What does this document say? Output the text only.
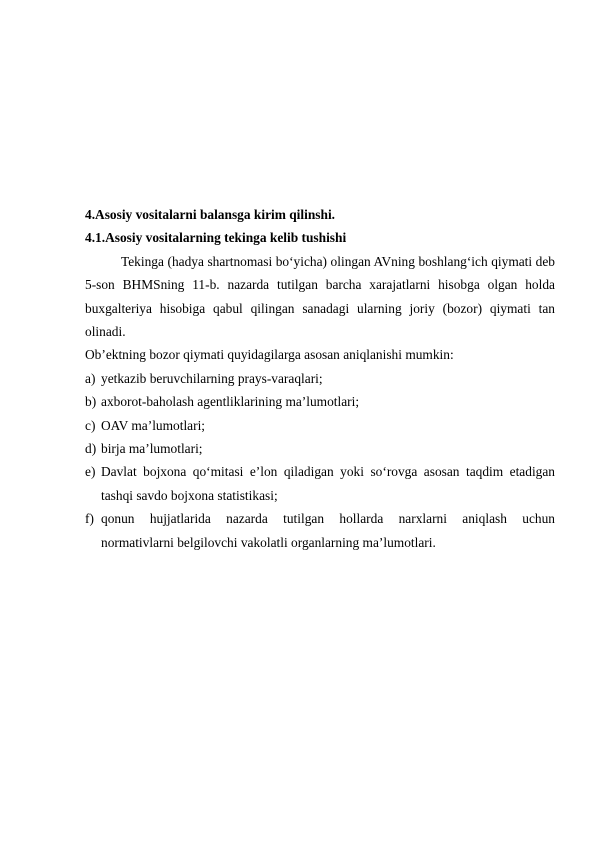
4.Asosiy vositalarni balansga kirim qilinshi.

4.1.Asosiy vositalarning tekinga kelib tushishi

Tekinga (hadya shartnomasi bo‘yicha) olingan AVning boshlang‘ich qiymati deb 5-son BHMSning 11-b. nazarda tutilgan barcha xarajatlarni hisobga olgan holda buxgalteriya hisobiga qabul qilingan sanadagi ularning joriy (bozor) qiymati tan olinadi.

Ob’ektning bozor qiymati quyidagilarga asosan aniqlanishi mumkin:

a) yetkazib beruvchilarning prays-varaqlari;
b) axborot-baholash agentliklarining ma’lumotlari;
c) OAV ma’lumotlari;
d) birja ma’lumotlari;
e) Davlat bojxona qo‘mitasi e’lon qiladigan yoki so‘rovga asosan taqdim etadigan tashqi savdo bojxona statistikasi;
f) qonun hujjatlarida nazarda tutilgan hollarda narxlarni aniqlash uchun
normativlarni belgilovchi vakolatli organlarning ma’lumotlari.
